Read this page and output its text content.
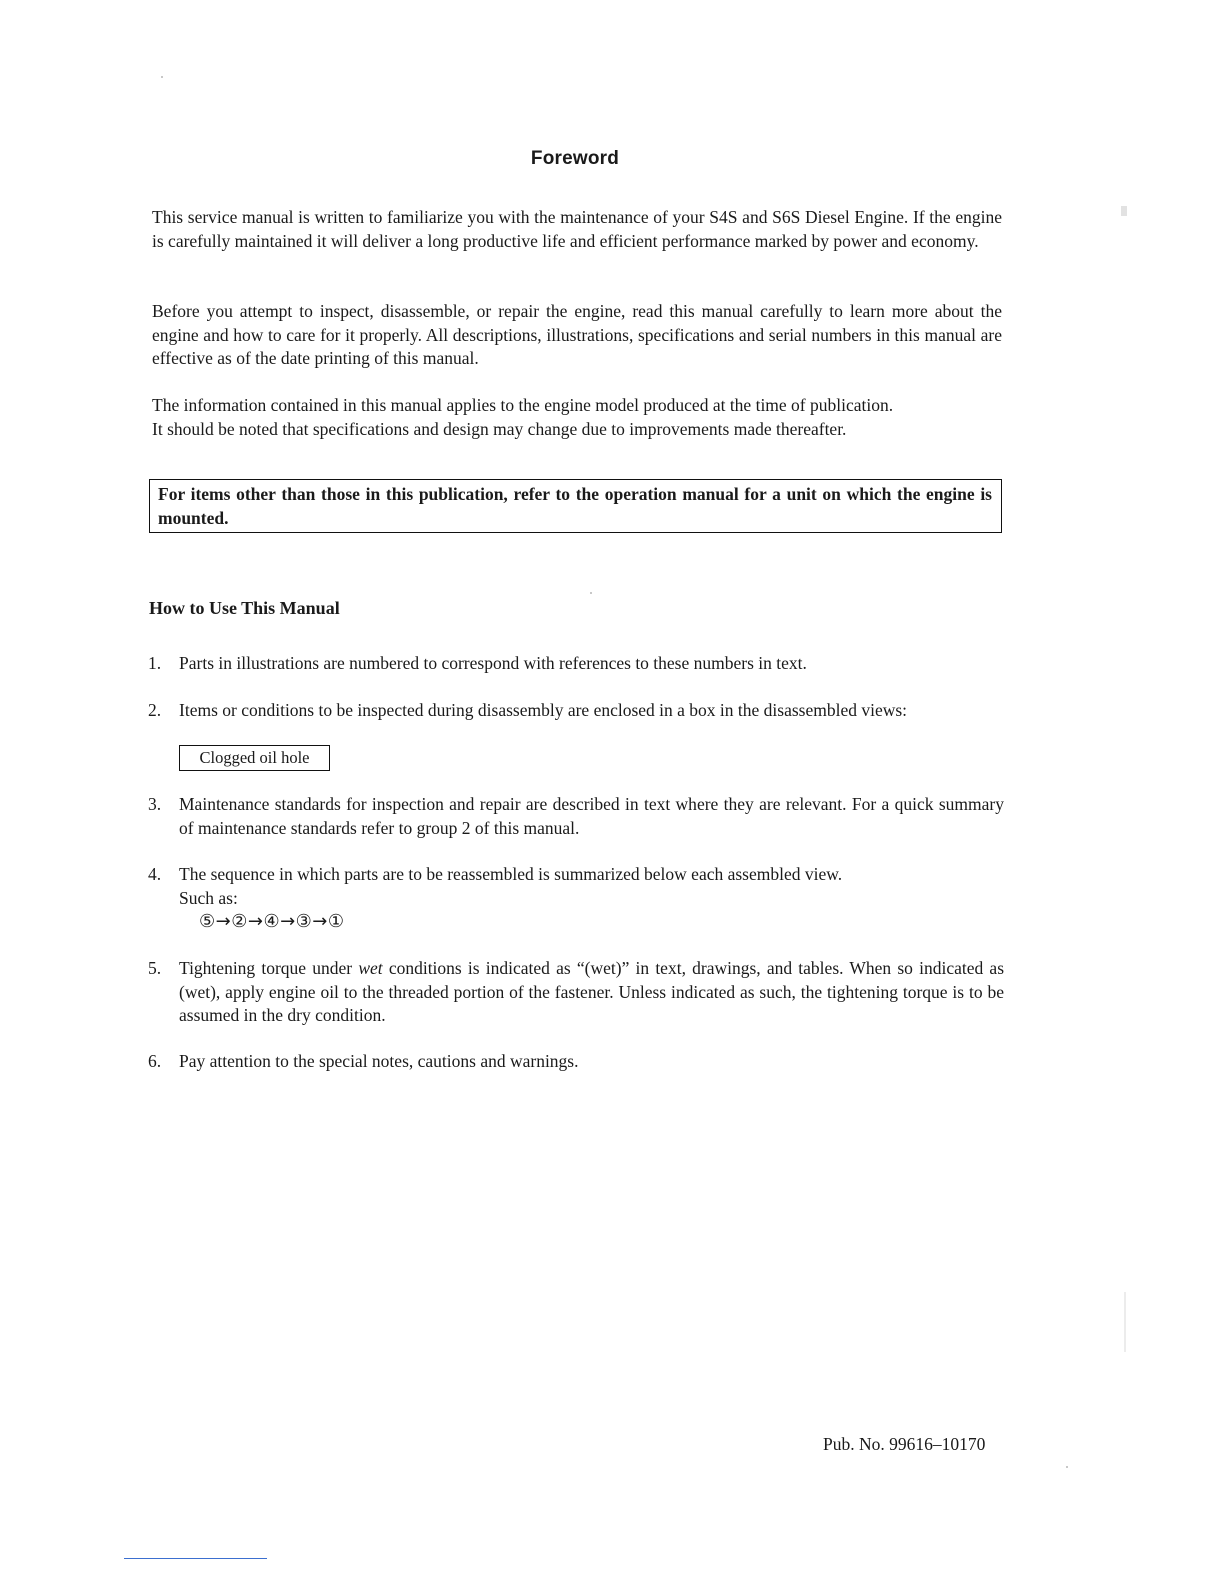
Foreword
This service manual is written to familiarize you with the maintenance of your S4S and S6S Diesel Engine. If the engine is carefully maintained it will deliver a long productive life and efficient performance marked by power and economy.
Before you attempt to inspect, disassemble, or repair the engine, read this manual carefully to learn more about the engine and how to care for it properly. All descriptions, illustrations, specifications and serial numbers in this manual are effective as of the date printing of this manual.
The information contained in this manual applies to the engine model produced at the time of publication.
It should be noted that specifications and design may change due to improvements made thereafter.
For items other than those in this publication, refer to the operation manual for a unit on which the engine is mounted.
How to Use This Manual
1.	Parts in illustrations are numbered to correspond with references to these numbers in text.
2.	Items or conditions to be inspected during disassembly are enclosed in a box in the disassembled views:
Clogged oil hole
3.	Maintenance standards for inspection and repair are described in text where they are relevant. For a quick summary of maintenance standards refer to group 2 of this manual.
4.	The sequence in which parts are to be reassembled is summarized below each assembled view.
Such as:
⑤→②→④→③→①
5.	Tightening torque under wet conditions is indicated as “(wet)” in text, drawings, and tables. When so indicated as (wet), apply engine oil to the threaded portion of the fastener. Unless indicated as such, the tightening torque is to be assumed in the dry condition.
6.	Pay attention to the special notes, cautions and warnings.
Pub. No. 99616–10170
